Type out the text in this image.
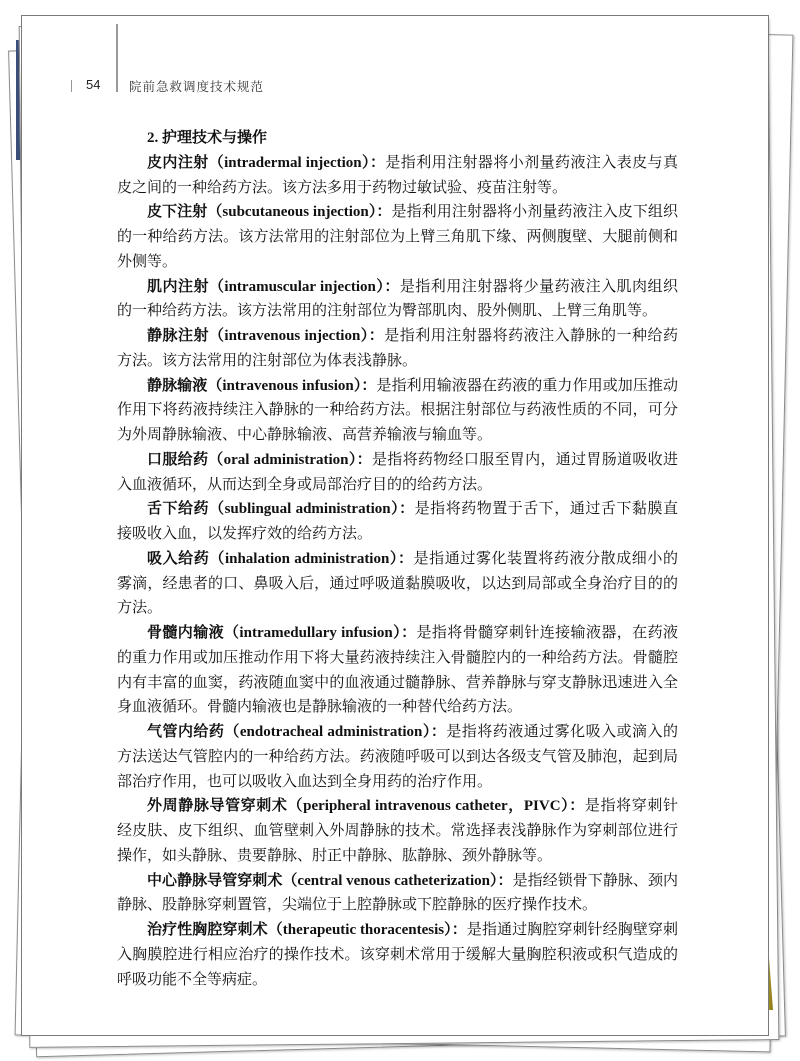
54 院前急救调度技术规范

2. 护理技术与操作

皮内注射（intradermal injection）：是指利用注射器将小剂量药液注入表皮与真皮之间的一种给药方法。该方法多用于药物过敏试验、疫苗注射等。

皮下注射（subcutaneous injection）：是指利用注射器将小剂量药液注入皮下组织的一种给药方法。该方法常用的注射部位为上臂三角肌下缘、两侧腹壁、大腿前侧和外侧等。

肌内注射（intramuscular injection）：是指利用注射器将少量药液注入肌肉组织的一种给药方法。该方法常用的注射部位为臀部肌肉、股外侧肌、上臂三角肌等。

静脉注射（intravenous injection）：是指利用注射器将药液注入静脉的一种给药方法。该方法常用的注射部位为体表浅静脉。

静脉输液（intravenous infusion）：是指利用输液器在药液的重力作用或加压推动作用下将药液持续注入静脉的一种给药方法。根据注射部位与药液性质的不同，可分为外周静脉输液、中心静脉输液、高营养输液与输血等。

口服给药（oral administration）：是指将药物经口服至胃内，通过胃肠道吸收进入血液循环，从而达到全身或局部治疗目的的给药方法。

舌下给药（sublingual administration）：是指将药物置于舌下，通过舌下黏膜直接吸收入血，以发挥疗效的给药方法。

吸入给药（inhalation administration）：是指通过雾化装置将药液分散成细小的雾滴，经患者的口、鼻吸入后，通过呼吸道黏膜吸收，以达到局部或全身治疗目的的方法。

骨髓内输液（intramedullary infusion）：是指将骨髓穿刺针连接输液器，在药液的重力作用或加压推动作用下将大量药液持续注入骨髓腔内的一种给药方法。骨髓腔内有丰富的血窦，药液随血窦中的血液通过髓静脉、营养静脉与穿支静脉迅速进入全身血液循环。骨髓内输液也是静脉输液的一种替代给药方法。

气管内给药（endotracheal administration）：是指将药液通过雾化吸入或滴入的方法送达气管腔内的一种给药方法。药液随呼吸可以到达各级支气管及肺泡，起到局部治疗作用，也可以吸收入血达到全身用药的治疗作用。

外周静脉导管穿刺术（peripheral intravenous catheter，PIVC）：是指将穿刺针经皮肤、皮下组织、血管壁刺入外周静脉的技术。常选择表浅静脉作为穿刺部位进行操作，如头静脉、贵要静脉、肘正中静脉、肱静脉、颈外静脉等。

中心静脉导管穿刺术（central venous catheterization）：是指经锁骨下静脉、颈内静脉、股静脉穿刺置管，尖端位于上腔静脉或下腔静脉的医疗操作技术。

治疗性胸腔穿刺术（therapeutic thoracentesis）：是指通过胸腔穿刺针经胸壁穿刺入胸膜腔进行相应治疗的操作技术。该穿刺术常用于缓解大量胸腔积液或积气造成的呼吸功能不全等病症。
